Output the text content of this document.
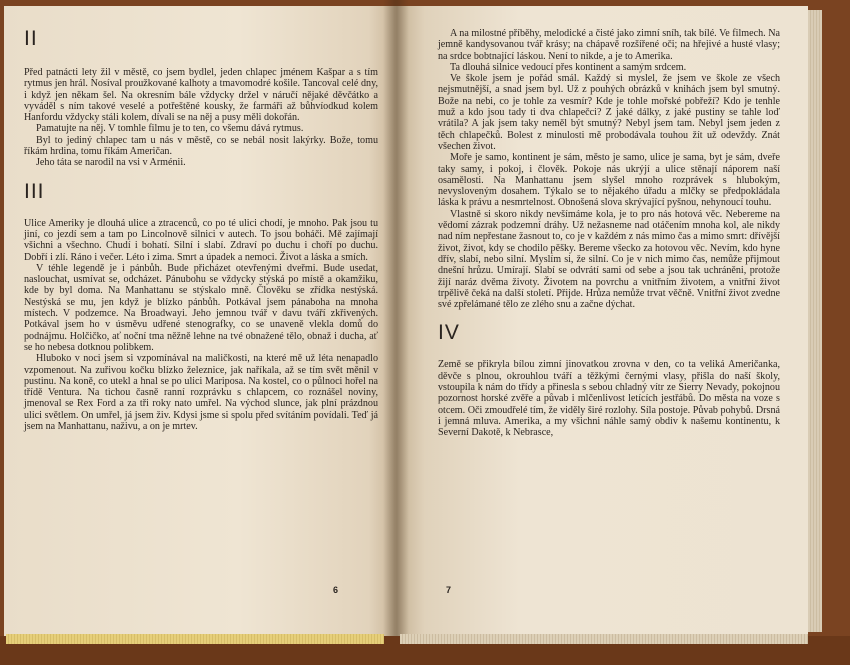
II

Před patnácti lety žil v městě, co jsem bydlel, jeden chlapec jménem Kašpar a s tím rytmus jen hrál. Nosíval proužkované kalhoty a tmavomodré košile. Tancoval celé dny, i když jen někam šel. Na okresním bále vždycky držel v náručí nějaké děvčátko a vyváděl s ním takové veselé a potřeštěné kousky, že farmáři až bůhvíodkud kolem Hanfordu vždycky stáli kolem, dívali se na něj a pusy měli dokořán.

Pamatujte na něj. V tomhle filmu je to ten, co všemu dává rytmus.

Byl to jediný chlapec tam u nás v městě, co se nebál nosit lakýrky. Bože, tomu říkám hrdina, tomu říkám Američan.

Jeho táta se narodil na vsi v Arménii.

III

Ulice Ameriky je dlouhá ulice a ztracenců, co po té ulici chodí, je mnoho. Pak jsou tu jiní, co jezdí sem a tam po Lincolnově silnici v autech. To jsou boháči. Mě zajímají všichni a všechno. Chudí i bohatí. Silní i slabí. Zdraví po duchu i choří po duchu. Dobří i zlí. Ráno i večer. Léto i zima. Smrt a úpadek a nemoci. Život a láska a smích.

V téhle legendě je i pánbůh. Bude přicházet otevřenými dveřmi. Bude usedat, naslouchat, usmívat se, odcházet. Pánubohu se vždycky stýská po místě a okamžiku, kde by byl doma. Na Manhattanu se stýskalo mně. Člověku se zřídka nestýská. Nestýská se mu, jen když je blízko pánbůh. Potkával jsem pánaboha na mnoha místech. V podzemce. Na Broadwayi. Jeho jemnou tvář v davu tváří zkřivených. Potkával jsem ho v úsměvu udřené stenografky, co se unaveně vlekla domů do podnájmu. Holčičko, ať noční tma něžně lehne na tvé obnažené tělo, obnaž i ducha, ať se ho nebesa dotknou polibkem.

Hluboko v noci jsem si vzpomínával na maličkosti, na které mě už léta nenapadlo vzpomenout. Na zuřivou kočku blízko železnice, jak naříkala, až se tím svět měnil v pustinu. Na koně, co utekl a hnal se po ulici Mariposa. Na kostel, co o půlnoci hořel na třídě Ventura. Na tichou časně ranní rozprávku s chlapcem, co roznášel noviny, jmenoval se Rex Ford a za tři roky nato umřel. Na východ slunce, jak plní prázdnou ulici světlem. On umřel, já jsem živ. Kdysi jsme si spolu před svítáním povídali. Teď já jsem na Manhattanu, naživu, a on je mrtev.

6

A na milostné příběhy, melodické a čisté jako zimní sníh, tak bílé. Ve filmech. Na jemně kandysovanou tvář krásy; na chápavě rozšířené oči; na hřejivé a husté vlasy; na srdce bobtnající láskou. Není to nikde, a je to Amerika.

Ta dlouhá silnice vedoucí přes kontinent a samým srdcem.

Ve škole jsem je pořád smál. Každý si myslel, že jsem ve škole ze všech nejsmutnější, a snad jsem byl. Už z pouhých obrázků v knihách jsem byl smutný. Bože na nebi, co je tohle za vesmír? Kde je tohle mořské pobřeží? Kdo je tenhle muž a kdo jsou tady ti dva chlapečci? Z jaké dálky, z jaké pustiny se tahle loď vrátila? A jak jsem taky neměl být smutný? Nebyl jsem tam. Nebyl jsem jeden z těch chlapečků. Bolest z minulosti mě probodávala touhou žít už odevždy. Znát všechen život.

Moře je samo, kontinent je sám, město je samo, ulice je sama, byt je sám, dveře taky samy, i pokoj, i člověk. Pokoje nás ukrýjí a ulice stěnají náporem naší osamělosti. Na Manhattanu jsem slyšel mnoho rozprávek s hlubokým, nevysloveným dosahem. Týkalo se to nějakého úřadu a mlčky se předpokládala láska k právu a nesmrtelnost. Obnošená slova skrývající pyšnou, nehynoucí touhu.

Vlastně si skoro nikdy nevšímáme kola, je to pro nás hotová věc. Nebereme na vědomí zázrak podzemní dráhy. Už nežasneme nad otáčením mnoha kol, ale nikdy nad ním nepřestane žasnout to, co je v každém z nás mimo čas a mimo smrt: dřívější život, život, kdy se chodilo pěšky. Bereme všecko za hotovou věc. Nevím, kdo hyne dřív, slabí, nebo silní. Myslím si, že silní. Co je v nich mimo čas, nemůže přijmout dnešní hrůzu. Umírají. Slabí se odvrátí sami od sebe a jsou tak uchráněni, protože žijí naráz dvěma životy. Životem na povrchu a vnitřním životem, a vnitřní život trpělivě čeká na další století. Přijde. Hrůza nemůže trvat věčně. Vnitřní život zvedne své zpřelámané tělo ze zlého snu a začne dýchat.

IV

Země se přikryla bílou zimní jinovatkou zrovna v den, co ta veliká Američanka, děvče s plnou, okrouhlou tváří a těžkými černými vlasy, přišla do naší školy, vstoupila k nám do třídy a přinesla s sebou chladný vítr ze Sierry Nevady, pokojnou pozornost horské zvěře a půvab i mlčenlivost letících jestřábů. Do města na voze s otcem. Oči zmoudřelé tím, že viděly širé rozlohy. Síla postoje. Půvab pohybů. Drsná i jemná mluva. Amerika, a my všichni náhle samý obdiv k našemu kontinentu, k Severní Dakotě, k Nebrasce,

7
